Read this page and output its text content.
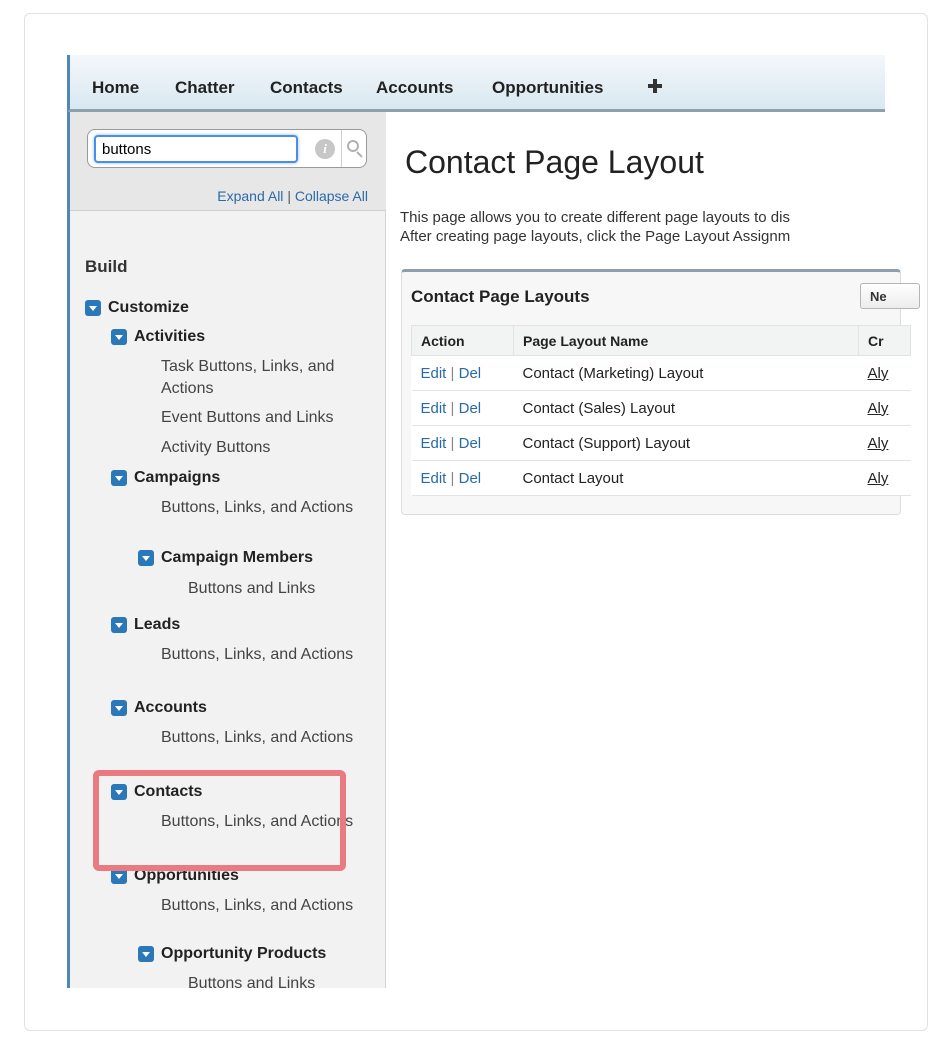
Home Chatter Contacts Accounts Opportunities
buttons
i
Expand All | Collapse All
Build
Customize
Activities
Task Buttons, Links, and Actions
Event Buttons and Links
Activity Buttons
Campaigns
Buttons, Links, and Actions
Campaign Members
Buttons and Links
Leads
Buttons, Links, and Actions
Accounts
Buttons, Links, and Actions
Contacts
Buttons, Links, and Actions
Opportunities
Buttons, Links, and Actions
Opportunity Products
Buttons and Links
Contact Page Layout
This page allows you to create different page layouts to dis
After creating page layouts, click the Page Layout Assignm
Contact Page Layouts	Ne
Action	Page Layout Name	Cr
Edit | Del	Contact (Marketing) Layout	Aly
Edit | Del	Contact (Sales) Layout	Aly
Edit | Del	Contact (Support) Layout	Aly
Edit | Del	Contact Layout	Aly
